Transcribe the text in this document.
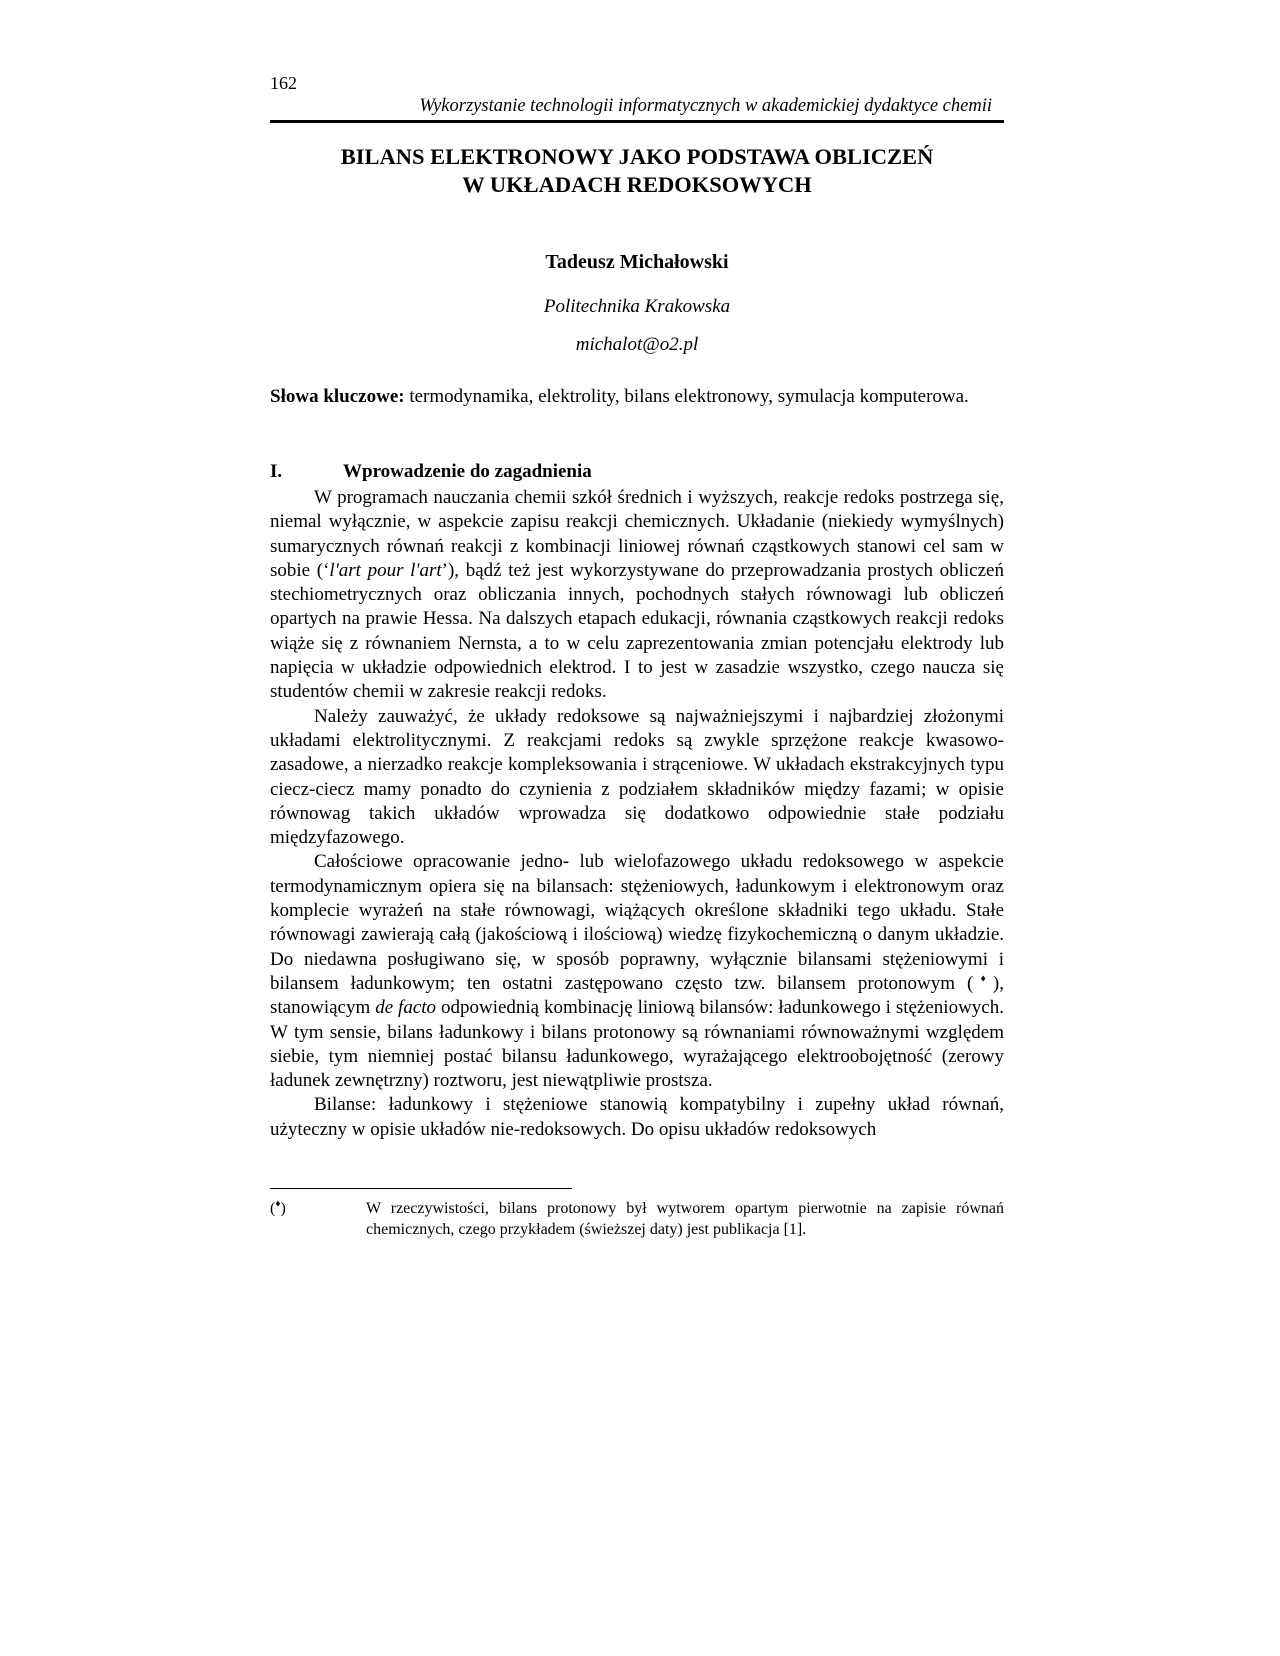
162

Wykorzystanie technologii informatycznych w akademickiej dydaktyce chemii

BILANS ELEKTRONOWY JAKO PODSTAWA OBLICZEŃ
W UKŁADACH REDOKSOWYCH
Tadeusz Michałowski
Politechnika Krakowska
michalot@o2.pl

Słowa kluczowe: termodynamika, elektrolity, bilans elektronowy, symulacja komputerowa.

I.	Wprowadzenie do zagadnienia

W programach nauczania chemii szkół średnich i wyższych, reakcje redoks postrzega się, niemal wyłącznie, w aspekcie zapisu reakcji chemicznych. Układanie (niekiedy wymyślnych) sumarycznych równań reakcji z kombinacji liniowej równań cząstkowych stanowi cel sam w sobie (‘l'art pour l'art’), bądź też jest wykorzystywane do przeprowadzania prostych obliczeń stechiometrycznych oraz obliczania innych, pochodnych stałych równowagi lub obliczeń opartych na prawie Hessa. Na dalszych etapach edukacji, równania cząstkowych reakcji redoks wiąże się z równaniem Nernsta, a to w celu zaprezentowania zmian potencjału elektrody lub napięcia w układzie odpowiednich elektrod. I to jest w zasadzie wszystko, czego naucza się studentów chemii w zakresie reakcji redoks.

Należy zauważyć, że układy redoksowe są najważniejszymi i najbardziej złożonymi układami elektrolitycznymi. Z reakcjami redoks są zwykle sprzężone reakcje kwasowo-zasadowe, a nierzadko reakcje kompleksowania i strąceniowe. W układach ekstrakcyjnych typu ciecz-ciecz mamy ponadto do czynienia z podziałem składników między fazami; w opisie równowag takich układów wprowadza się dodatkowo odpowiednie stałe podziału międzyfazowego.

Całościowe opracowanie jedno- lub wielofazowego układu redoksowego w aspekcie termodynamicznym opiera się na bilansach: stężeniowych, ładunkowym i elektronowym oraz komplecie wyrażeń na stałe równowagi, wiążących określone składniki tego układu. Stałe równowagi zawierają całą (jakościową i ilościową) wiedzę fizykochemiczną o danym układzie. Do niedawna posługiwano się, w sposób poprawny, wyłącznie bilansami stężeniowymi i bilansem ładunkowym; ten ostatni zastępowano często tzw. bilansem protonowym (♦), stanowiącym de facto odpowiednią kombinację liniową bilansów: ładunkowego i stężeniowych. W tym sensie, bilans ładunkowy i bilans protonowy są równaniami równoważnymi względem siebie, tym niemniej postać bilansu ładunkowego, wyrażającego elektroobojętność (zerowy ładunek zewnętrzny) roztworu, jest niewątpliwie prostsza.

Bilanse: ładunkowy i stężeniowe stanowią kompatybilny i zupełny układ równań, użyteczny w opisie układów nie-redoksowych. Do opisu układów redoksowych

(♦)	W rzeczywistości, bilans protonowy był wytworem opartym pierwotnie na zapisie równań chemicznych, czego przykładem (świeższej daty) jest publikacja [1].
